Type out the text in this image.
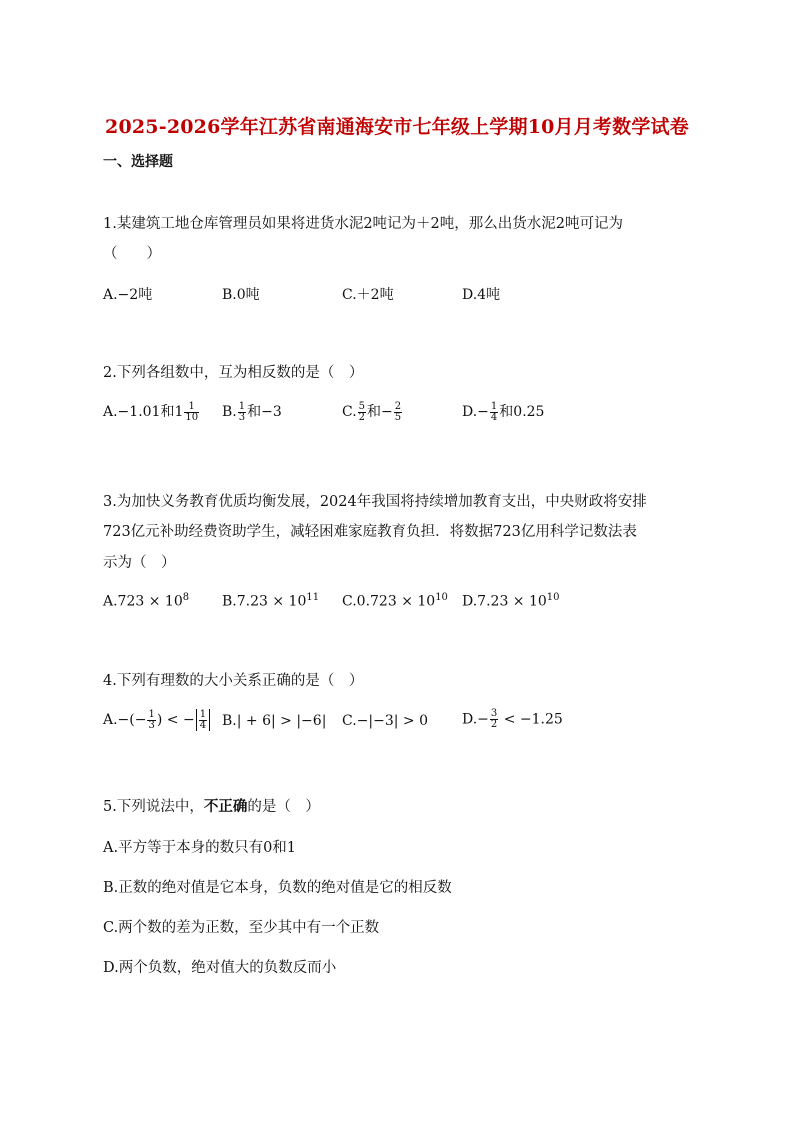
2025-2026学年江苏省南通海安市七年级上学期10月月考数学试卷
一、选择题
1.某建筑工地仓库管理员如果将进货水泥2吨记为＋2吨，那么出货水泥2吨可记为
（　　）
A.−2吨	B.0吨	C.＋2吨	D.4吨
2.下列各组数中，互为相反数的是（　）
A.−1.01和$1 \frac{1}{10} B$. $\frac{1}{3}$ 和−3	C. $\frac{5}{2}$ 和− $\frac{2}{5}$	$D.- \frac{1}{4}$ 和0.25
3.为加快义务教育优质均衡发展，2024年我国将持续增加教育支出，中央财政将安排
723亿元补助经费资助学生，减轻困难家庭教育负担．将数据723亿用科学记数法表
示为（　）
$A.723 \times 10^8$ $B.7.23 \times 10^{11}$ $C.0.723 \times 10^{10}$ $D.7.23 \times 10^{10}$
4.下列有理数的大小关系正确的是（　）
$A.-(- \frac{1}{3}$ ) < − $\frac{1}{4} B.| + 6| > |-6|$ C.−|−3| > 0 $D.- \frac{3}{2} < -1.25$
5.下列说法中，不正确的是（　）
A.平方等于本身的数只有0和1
B.正数的绝对值是它本身，负数的绝对值是它的相反数
C.两个数的差为正数，至少其中有一个正数
D.两个负数，绝对值大的负数反而小
